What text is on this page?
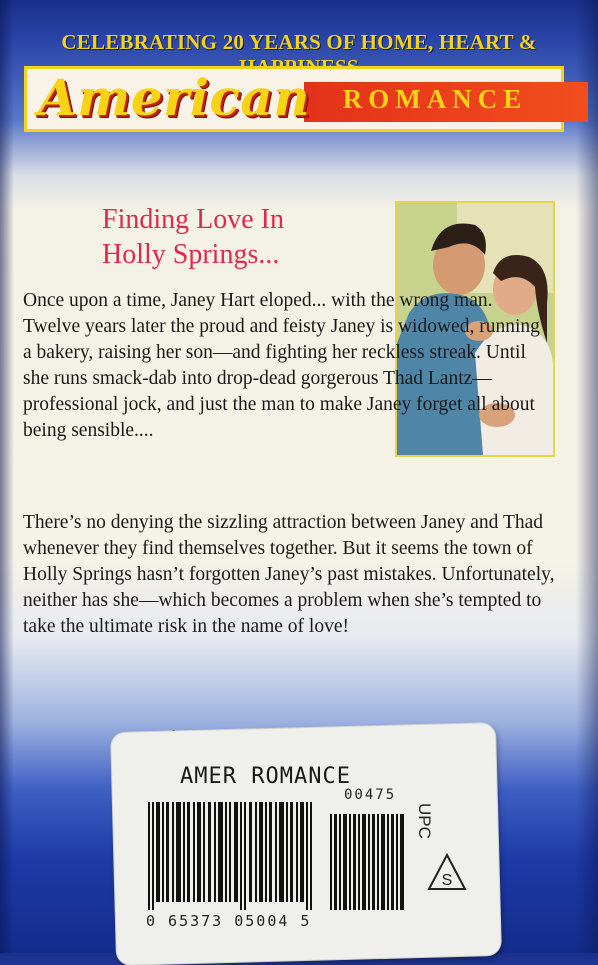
CELEBRATING 20 YEARS OF HOME, HEART &
American	ROMANCE
Finding Love In
Holly Springs...

Once upon a time, Janey Hart eloped... with the wrong man. Twelve years later the proud and feisty Janey is widowed, running a bakery, raising her son—and fighting her reckless streak. Until she runs smack-dab into drop-dead gorgerous Thad Lantz—professional jock, and just the man to make Janey forget all about being sensible....

There’s no denying the sizzling attraction between Janey and Thad whenever they find themselves together. But it seems the town of Holly Springs hasn’t forgotten Janey’s past mistakes. Unfortunately, neither has she—which becomes a problem when she’s tempted to take the ultimate risk in the name of love!

AMER ROMANCE
00475
0 65373 05004 5
UPC
S
